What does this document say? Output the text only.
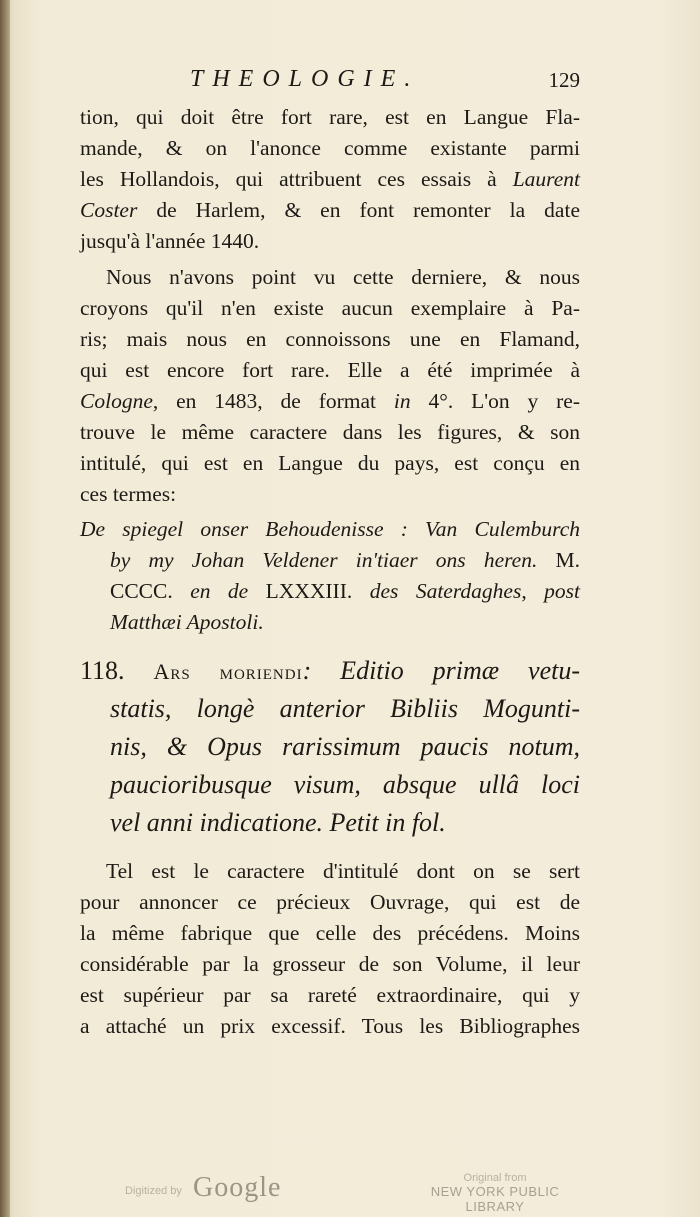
THEOLOGIE.	129
tion, qui doit être fort rare, est en Langue Fla-
mande, & on l'anonce comme existante parmi
les Hollandois, qui attribuent ces essais à Laurent
Coster de Harlem, & en font remonter la date
jusqu'à l'année 1440.
Nous n'avons point vu cette derniere, & nous
croyons qu'il n'en existe aucun exemplaire à Pa-
ris; mais nous en connoissons une en Flamand,
qui est encore fort rare. Elle a été imprimée à
Cologne, en 1483, de format in 4°. L'on y re-
trouve le même caractere dans les figures, & son
intitulé, qui est en Langue du pays, est conçu en
ces termes:
De spiegel onser Behoudenisse : Van Culemburch
by my Johan Veldener in'tiaer ons heren. M.
CCCC. en de LXXXIII. des Saterdaghes, post
Matthæi Apostoli.
118. Ars moriendi: Editio primæ vetu-
statis, longè anterior Bibliis Mogunti-
nis, & Opus rarissimum paucis notum,
paucioribusque visum, absque ullâ loci
vel anni indicatione. Petit in fol.
Tel est le caractere d'intitulé dont on se sert
pour annoncer ce précieux Ouvrage, qui est de
la même fabrique que celle des précédens. Moins
considérable par la grosseur de son Volume, il leur
est supérieur par sa rareté extraordinaire, qui y
a attaché un prix excessif. Tous les Bibliographes
Digitized by Google	Original from
NEW YORK PUBLIC LIBRARY
